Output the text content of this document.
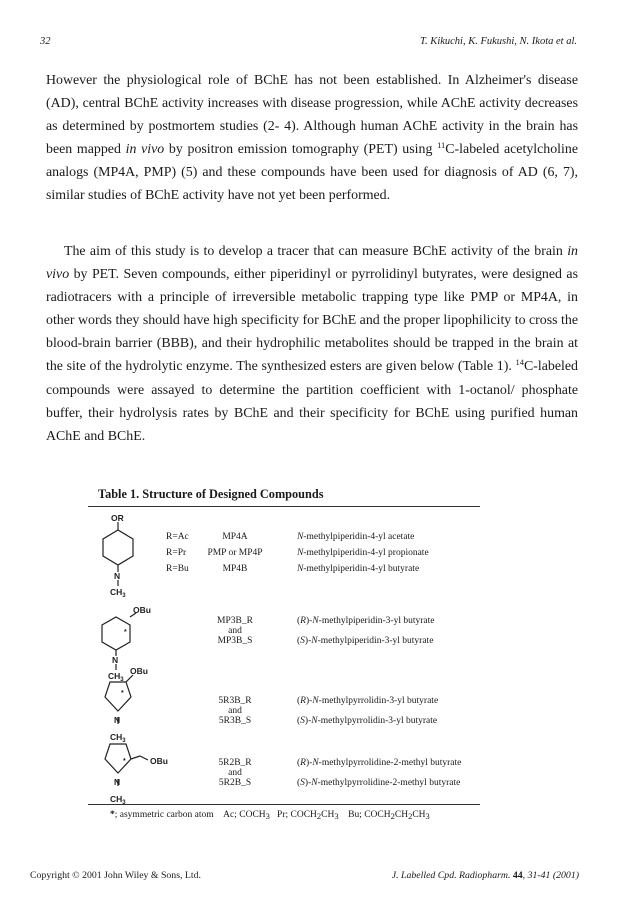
32	T. Kikuchi, K. Fukushi, N. Ikota et al.

However the physiological role of BChE has not been established. In Alzheimer's disease (AD), central BChE activity increases with disease progression, while AChE activity decreases as determined by postmortem studies (2- 4). Although human AChE activity in the brain has been mapped in vivo by positron emission tomography (PET) using $^{11}$C-labeled acetylcholine analogs (MP4A, PMP) (5) and these compounds have been used for diagnosis of AD (6, 7), similar studies of BChE activity have not yet been performed.

The aim of this study is to develop a tracer that can measure BChE activity of the brain in vivo by PET. Seven compounds, either piperidinyl or pyrrolidinyl butyrates, were designed as radiotracers with a principle of irreversible metabolic trapping type like PMP or MP4A, in other words they should have high specificity for BChE and the proper lipophilicity to cross the blood-brain barrier (BBB), and their hydrophilic metabolites should be trapped in the brain at the site of the hydrolytic enzyme. The synthesized esters are given below (Table 1). $^{14}$C-labeled compounds were assayed to determine the partition coefficient with 1-octanol/ phosphate buffer, their hydrolysis rates by BChE and their specificity for BChE using purified human AChE and BChE.

Table 1. Structure of Designed Compounds
OR
N
$CH_3$
OBu
N
$CH_3$
OBu
N
$CH_3$
OBu
N
$CH_3$
*
*
*
R=Ac
R=Pr
R=Bu
MP4A
PMP or MP4P
MP4B
N-methylpiperidin-4-yl acetate
N-methylpiperidin-4-yl propionate
N-methylpiperidin-4-yl butyrate
MP3B_R
and
MP3B_S
(R)-N-methylpiperidin-3-yl butyrate
(S)-N-methylpiperidin-3-yl butyrate
5R3B_R
and
5R3B_S
(R)-N-methylpyrrolidin-3-yl butyrate
(S)-N-methylpyrrolidin-3-yl butyrate
5R2B_R
and
5R2B_S
(R)-N-methylpyrrolidine-2-methyl butyrate
(S)-N-methylpyrrolidine-2-methyl butyrate
*; asymmetric carbon atom    Ac; $COCH_3$   Pr; $COCH_2CH_3$    Bu; $COCH_2CH_2CH_3$
Copyright © 2001 John Wiley & Sons, Ltd.	J. Labelled Cpd. Radiopharm. 44, 31-41 (2001)
